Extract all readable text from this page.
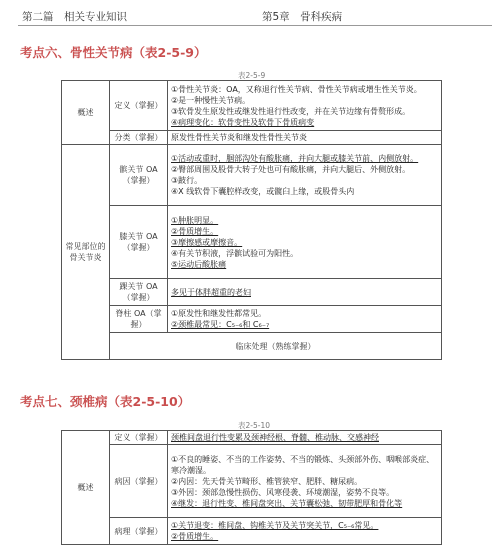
第二篇　相关专业知识	第5章　骨科疾病
考点六、骨性关节病（表2-5-9）
表2-5-9
概述	定义（掌握）	①骨性关节炎：OA，又称退行性关节病、骨性关节病或增生性关节炎。

②是一种慢性关节病。

③软骨发生原发性或继发性退行性改变，并在关节边缘有骨赘形成。

④病理变化：软骨变性及软骨下骨质病变	

	分类（掌握）	原发性骨性关节炎和继发性骨性关节炎	

常见部位的骨关节炎	髌关节 OA（掌握）	①活动或重时，腘部沟处有酸胀痛，并向大腿或膝关节前、内侧放射。

②臀部周围及股骨大转子处也可有酸胀痛，并向大腿后、外侧放射。

③跛行。

④X 线软骨下囊腔样改变，或髋臼上缘，或股骨头内	

	膝关节 OA（掌握）	①肿胀明显。

②骨质增生。

③摩擦感或摩擦音。

④有关节积液，浮髌试验可为阳性。

⑤运动后酸胀痛	

	踝关节 OA（掌握）	多见于体胖超重的老妇	

	脊柱 OA（掌握）	①原发性和继发性都常见。

②颈椎最常见：C₅₋₆和 C₆₋₇	

	临床处理（熟练掌握）	

考点七、颈椎病（表2-5-10）
表2-5-10
概述	定义（掌握）	颈椎间盘退行性变累及颈神经根、脊髓、椎动脉、交感神经

	病因（掌握）	①不良的睡姿、不当的工作姿势、不当的锻炼、头颈部外伤、咽喉部炎症、寒冷潮湿。

②内因：先天骨关节畸形、椎管狭窄、肥胖、糖尿病。

③外因：颈部急慢性损伤、风寒侵袭、环境潮湿，姿势不良等。

④继发：退行性变、椎间盘突出、关节囊松弛、韧带肥厚和骨化等

	病理（掌握）	①关节退变：椎间盘、钩椎关节及关节突关节，C₅₋₆常见。

②骨质增生。
